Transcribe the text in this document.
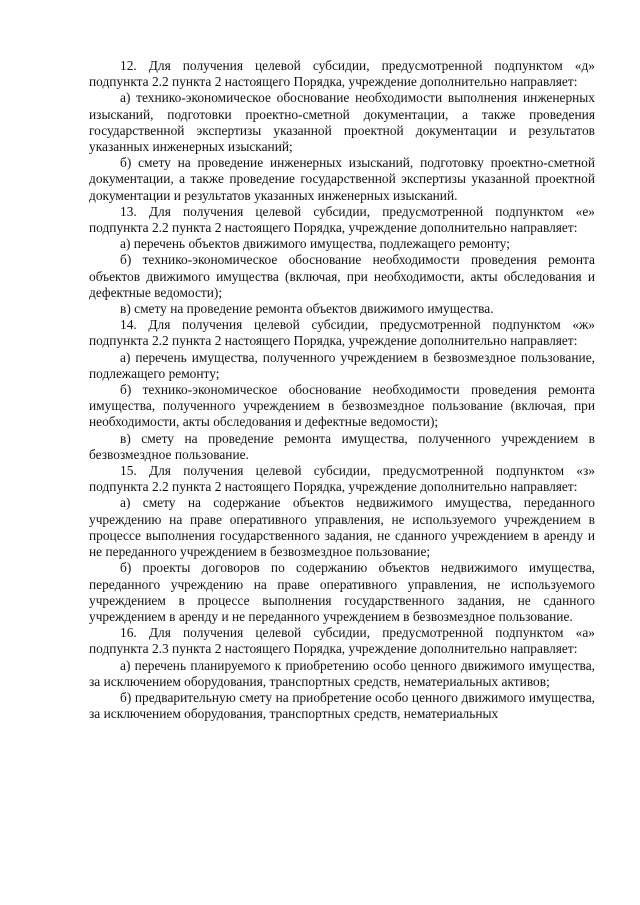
12. Для получения целевой субсидии, предусмотренной подпунктом «д» подпункта 2.2 пункта 2 настоящего Порядка, учреждение дополнительно направляет:

а) технико-экономическое обоснование необходимости выполнения инженерных изысканий, подготовки проектно-сметной документации, а также проведения государственной экспертизы указанной проектной документации и результатов указанных инженерных изысканий;

б) смету на проведение инженерных изысканий, подготовку проектно-сметной документации, а также проведение государственной экспертизы указанной проектной документации и результатов указанных инженерных изысканий.

13. Для получения целевой субсидии, предусмотренной подпунктом «е» подпункта 2.2 пункта 2 настоящего Порядка, учреждение дополнительно направляет:

а) перечень объектов движимого имущества, подлежащего ремонту;

б) технико-экономическое обоснование необходимости проведения ремонта объектов движимого имущества (включая, при необходимости, акты обследования и дефектные ведомости);

в) смету на проведение ремонта объектов движимого имущества.

14. Для получения целевой субсидии, предусмотренной подпунктом «ж» подпункта 2.2 пункта 2 настоящего Порядка, учреждение дополнительно направляет:

а) перечень имущества, полученного учреждением в безвозмездное пользование, подлежащего ремонту;

б) технико-экономическое обоснование необходимости проведения ремонта имущества, полученного учреждением в безвозмездное пользование (включая, при необходимости, акты обследования и дефектные ведомости);

в) смету на проведение ремонта имущества, полученного учреждением в безвозмездное пользование.

15. Для получения целевой субсидии, предусмотренной подпунктом «з» подпункта 2.2 пункта 2 настоящего Порядка, учреждение дополнительно направляет:

а) смету на содержание объектов недвижимого имущества, переданного учреждению на праве оперативного управления, не используемого учреждением в процессе выполнения государственного задания, не сданного учреждением в аренду и не переданного учреждением в безвозмездное пользование;

б) проекты договоров по содержанию объектов недвижимого имущества, переданного учреждению на праве оперативного управления, не используемого учреждением в процессе выполнения государственного задания, не сданного учреждением в аренду и не переданного учреждением в безвозмездное пользование.

16. Для получения целевой субсидии, предусмотренной подпунктом «а» подпункта 2.3 пункта 2 настоящего Порядка, учреждение дополнительно направляет:

а) перечень планируемого к приобретению особо ценного движимого имущества, за исключением оборудования, транспортных средств, нематериальных активов;

б) предварительную смету на приобретение особо ценного движимого имущества, за исключением оборудования, транспортных средств, нематериальных
